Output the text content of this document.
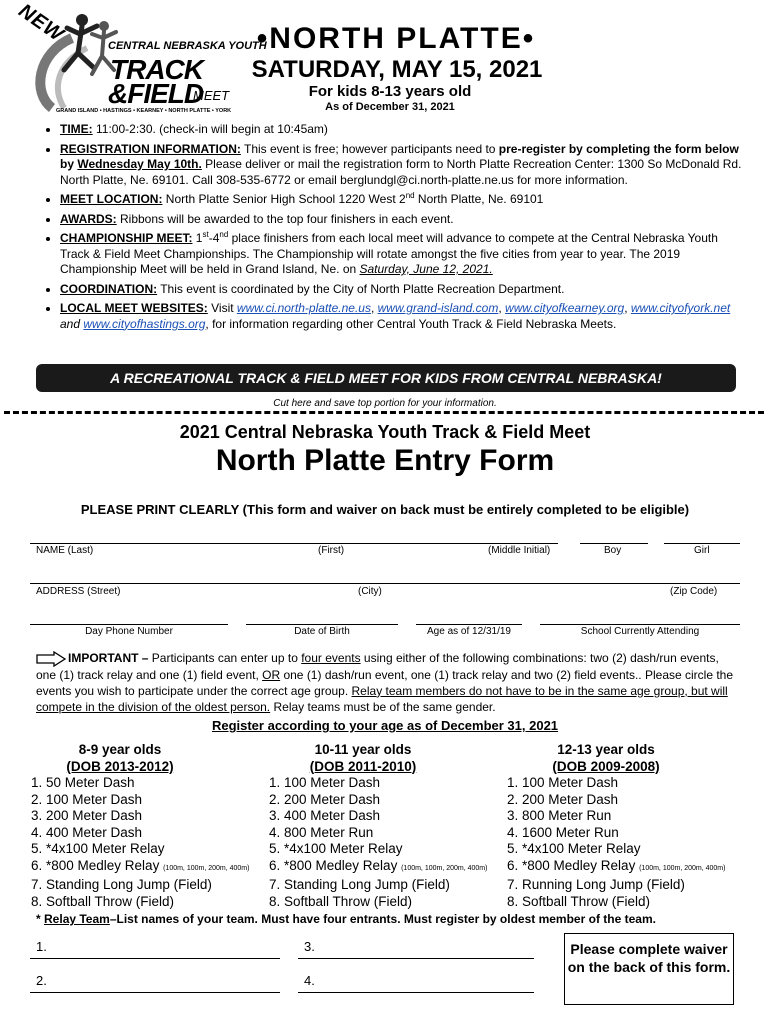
NEW	CENTRAL NEBRASKA YOUTH
TRACK
&FIELD
MEET
GRAND ISLAND • HASTINGS • KEARNEY • NORTH PLATTE • YORK
•NORTH PLATTE•
SATURDAY, MAY 15, 2021
For kids 8-13 years old
As of December 31, 2021
• TIME: 11:00-2:30. (check-in will begin at 10:45am)
• REGISTRATION INFORMATION: This event is free; however participants need to pre-register by completing the form below by Wednesday May 10th. Please deliver or mail the registration form to North Platte Recreation Center: 1300 So McDonald Rd. North Platte, Ne. 69101. Call 308-535-6772 or email berglundgl@ci.north-platte.ne.us for more information.
• MEET LOCATION: North Platte Senior High School 1220 West 2nd North Platte, Ne. 69101
• AWARDS: Ribbons will be awarded to the top four finishers in each event.
• CHAMPIONSHIP MEET: 1st-4nd place finishers from each local meet will advance to compete at the Central Nebraska Youth Track & Field Meet Championships. The Championship will rotate amongst the five cities from year to year. The 2019 Championship Meet will be held in Grand Island, Ne. on Saturday, June 12, 2021.
• COORDINATION: This event is coordinated by the City of North Platte Recreation Department.
• LOCAL MEET WEBSITES: Visit www.ci.north-platte.ne.us, www.grand-island.com, www.cityofkearney.org, www.cityofyork.net and www.cityofhastings.org, for information regarding other Central Youth Track & Field Nebraska Meets.
A RECREATIONAL TRACK & FIELD MEET FOR KIDS FROM CENTRAL NEBRASKA!
Cut here and save top portion for your information.
2021 Central Nebraska Youth Track & Field Meet
North Platte Entry Form
PLEASE PRINT CLEARLY (This form and waiver on back must be entirely completed to be eligible)
NAME (Last)	(First)	(Middle Initial)	Boy	Girl
ADDRESS (Street)	(City)	(Zip Code)
Day Phone Number	Date of Birth	Age as of 12/31/19	School Currently Attending
IMPORTANT – Participants can enter up to four events using either of the following combinations: two (2) dash/run events, one (1) track relay and one (1) field event, OR one (1) dash/run event, one (1) track relay and two (2) field events.. Please circle the events you wish to participate under the correct age group. Relay team members do not have to be in the same age group, but will compete in the division of the oldest person. Relay teams must be of the same gender.
Register according to your age as of December 31, 2021
8-9 year olds
(DOB 2013-2012)
1. 50 Meter Dash
2. 100 Meter Dash
3. 200 Meter Dash
4. 400 Meter Dash
5. *4x100 Meter Relay
6. *800 Medley Relay (100m, 100m, 200m, 400m)
7. Standing Long Jump (Field)
8. Softball Throw (Field)
10-11 year olds
(DOB 2011-2010)
1. 100 Meter Dash
2. 200 Meter Dash
3. 400 Meter Dash
4. 800 Meter Run
5. *4x100 Meter Relay
6. *800 Medley Relay (100m, 100m, 200m, 400m)
7. Standing Long Jump (Field)
8. Softball Throw (Field)
12-13 year olds
(DOB 2009-2008)
1. 100 Meter Dash
2. 200 Meter Dash
3. 800 Meter Run
4. 1600 Meter Run
5. *4x100 Meter Relay
6. *800 Medley Relay (100m, 100m, 200m, 400m)
7. Running Long Jump (Field)
8. Softball Throw (Field)
* Relay Team–List names of your team. Must have four entrants. Must register by oldest member of the team.
1.
2.
3.
4.
Please complete waiver on the back of this form.
